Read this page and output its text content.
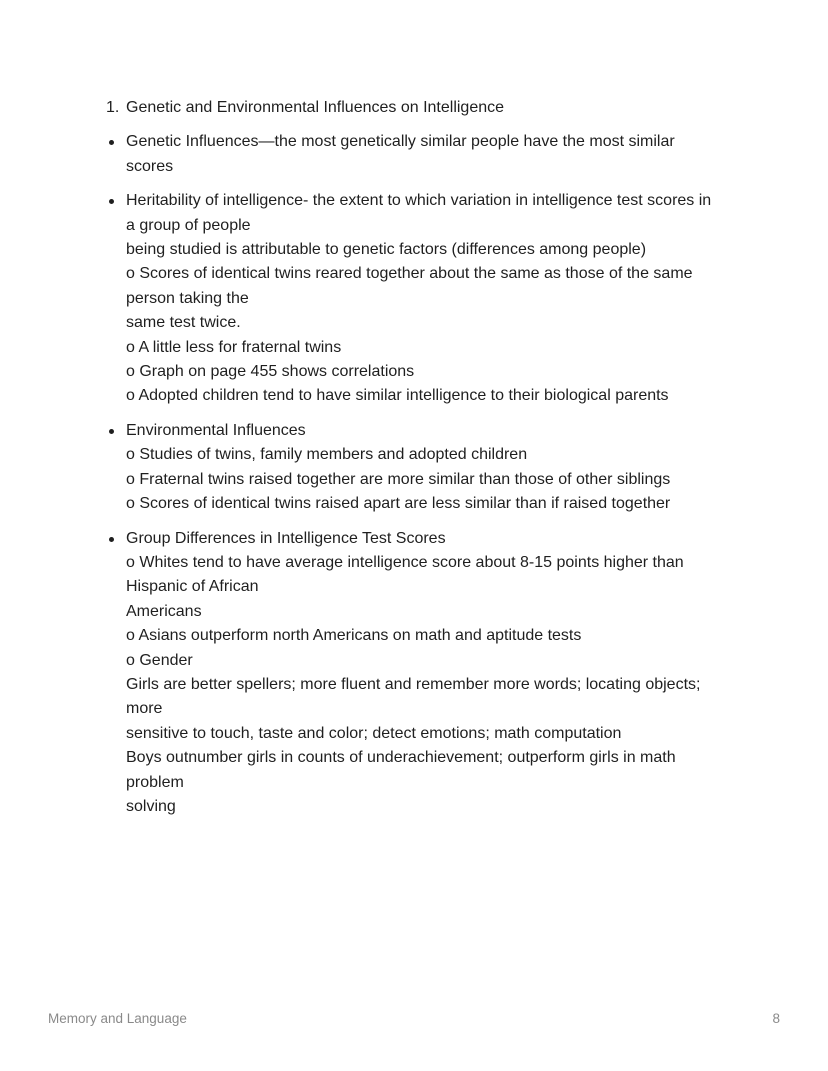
1. Genetic and Environmental Influences on Intelligence
Genetic Influences—the most genetically similar people have the most similar
scores
Heritability of intelligence- the extent to which variation in intelligence test scores in
a group of people
being studied is attributable to genetic factors (differences among people)
o Scores of identical twins reared together about the same as those of the same
person taking the
same test twice.
o A little less for fraternal twins
o Graph on page 455 shows correlations
o Adopted children tend to have similar intelligence to their biological parents
Environmental Influences
o Studies of twins, family members and adopted children
o Fraternal twins raised together are more similar than those of other siblings
o Scores of identical twins raised apart are less similar than if raised together
Group Differences in Intelligence Test Scores
o Whites tend to have average intelligence score about 8-15 points higher than
Hispanic of African
Americans
o Asians outperform north Americans on math and aptitude tests
o Gender
Girls are better spellers; more fluent and remember more words; locating objects;
more
sensitive to touch, taste and color; detect emotions; math computation
Boys outnumber girls in counts of underachievement; outperform girls in math
problem
solving
Memory and Language	8
